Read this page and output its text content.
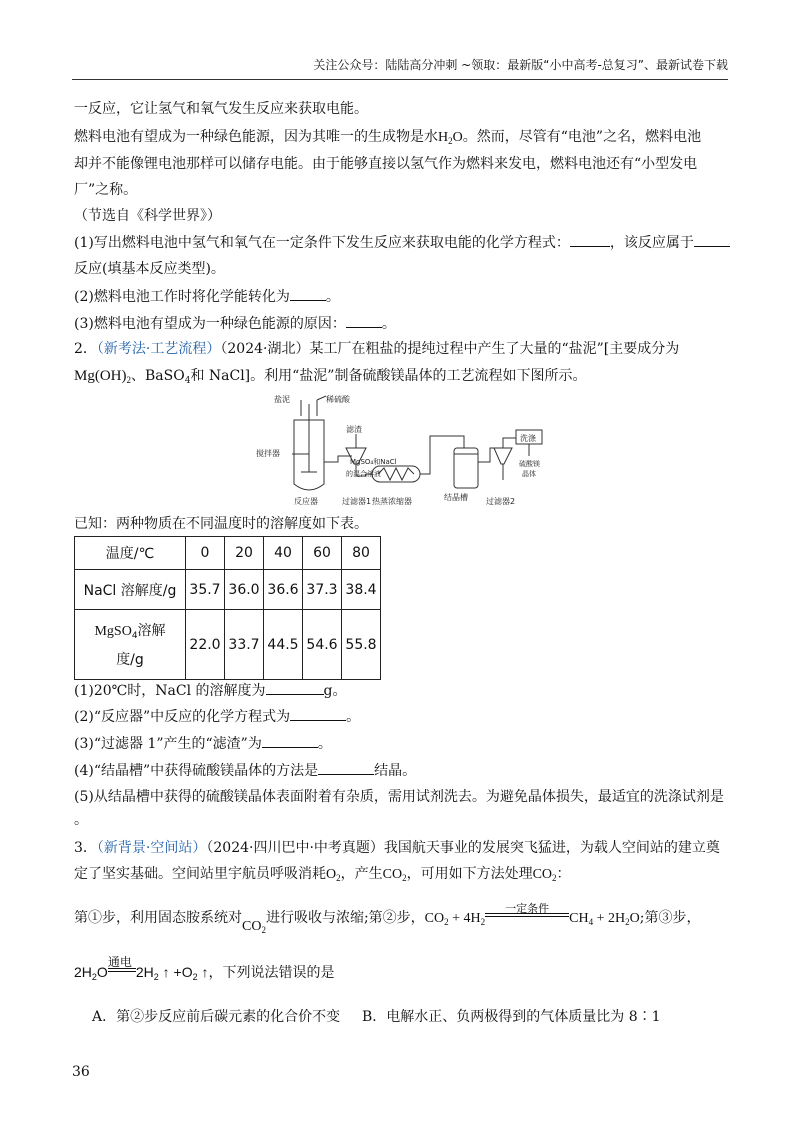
关注公众号：陆陆高分冲刺 ~领取：最新版“小中高考-总复习”、最新试卷下载
一反应，它让氢气和氧气发生反应来获取电能。
燃料电池有望成为一种绿色能源，因为其唯一的生成物是水$H_2O$。然而，尽管有“电池”之名，燃料电池
却并不能像锂电池那样可以储存电能。由于能够直接以氢气作为燃料来发电，燃料电池还有“小型发电
厂”之称。
（节选自《科学世界》）
(1)写出燃料电池中氢气和氧气在一定条件下发生反应来获取电能的化学方程式：	，该反应属于
反应(填基本反应类型)。
(2)燃料电池工作时将化学能转化为	。
(3)燃料电池有望成为一种绿色能源的原因：	。
2．（新考法·工艺流程）（2024·湖北）某工厂在粗盐的提纯过程中产生了大量的“盐泥”[主要成分为
$Mg(OH)_2$、BaSO$_4$和 NaCl]。利用“盐泥”制备硫酸镁晶体的工艺流程如下图所示。
盐泥	稀硫酸
搅拌器
反应器
滤渣
MgSO₄和NaCl
的混合溶液
过滤器1 热蒸浓缩器	结晶槽 过滤器2
洗涤
硫酸镁
晶体
已知：两种物质在不同温度时的溶解度如下表。
温度/℃	0	20	40	60	80
NaCl 溶解度/g	35.7	36.0	36.6	37.3	38.4

MgSO$_4$溶解
度/g	22.0	33.7	44.5	54.6	55.8
(1)20℃时，NaCl 的溶解度为	g。
(2)“反应器”中反应的化学方程式为	。
(3)“过滤器 1”产生的“滤渣”为	。
(4)“结晶槽”中获得硫酸镁晶体的方法是	结晶。
(5)从结晶槽中获得的硫酸镁晶体表面附着有杂质，需用试剂洗去。为避免晶体损失，最适宜的洗涤试剂是
。
3．（新背景·空间站）（2024·四川巴中·中考真题）我国航天事业的发展突飞猛进，为载人空间站的建立奠
定了坚实基础。空间站里宇航员呼吸消耗$O_2$，产生$CO_2$，可用如下方法处理$CO_2$：
第①步，利用固态胺系统对$CO_2$进行吸收与浓缩;第②步，$CO_2 + 4H_2$
一定条件
$CH_4 + 2H_2O$;第③步，
$2H_2O$
通电
$2H_2$ ↑ $+O_2$ ↑，下列说法错误的是
A．第②步反应前后碳元素的化合价不变 B．电解水正、负两极得到的气体质量比为 8∶1
36
